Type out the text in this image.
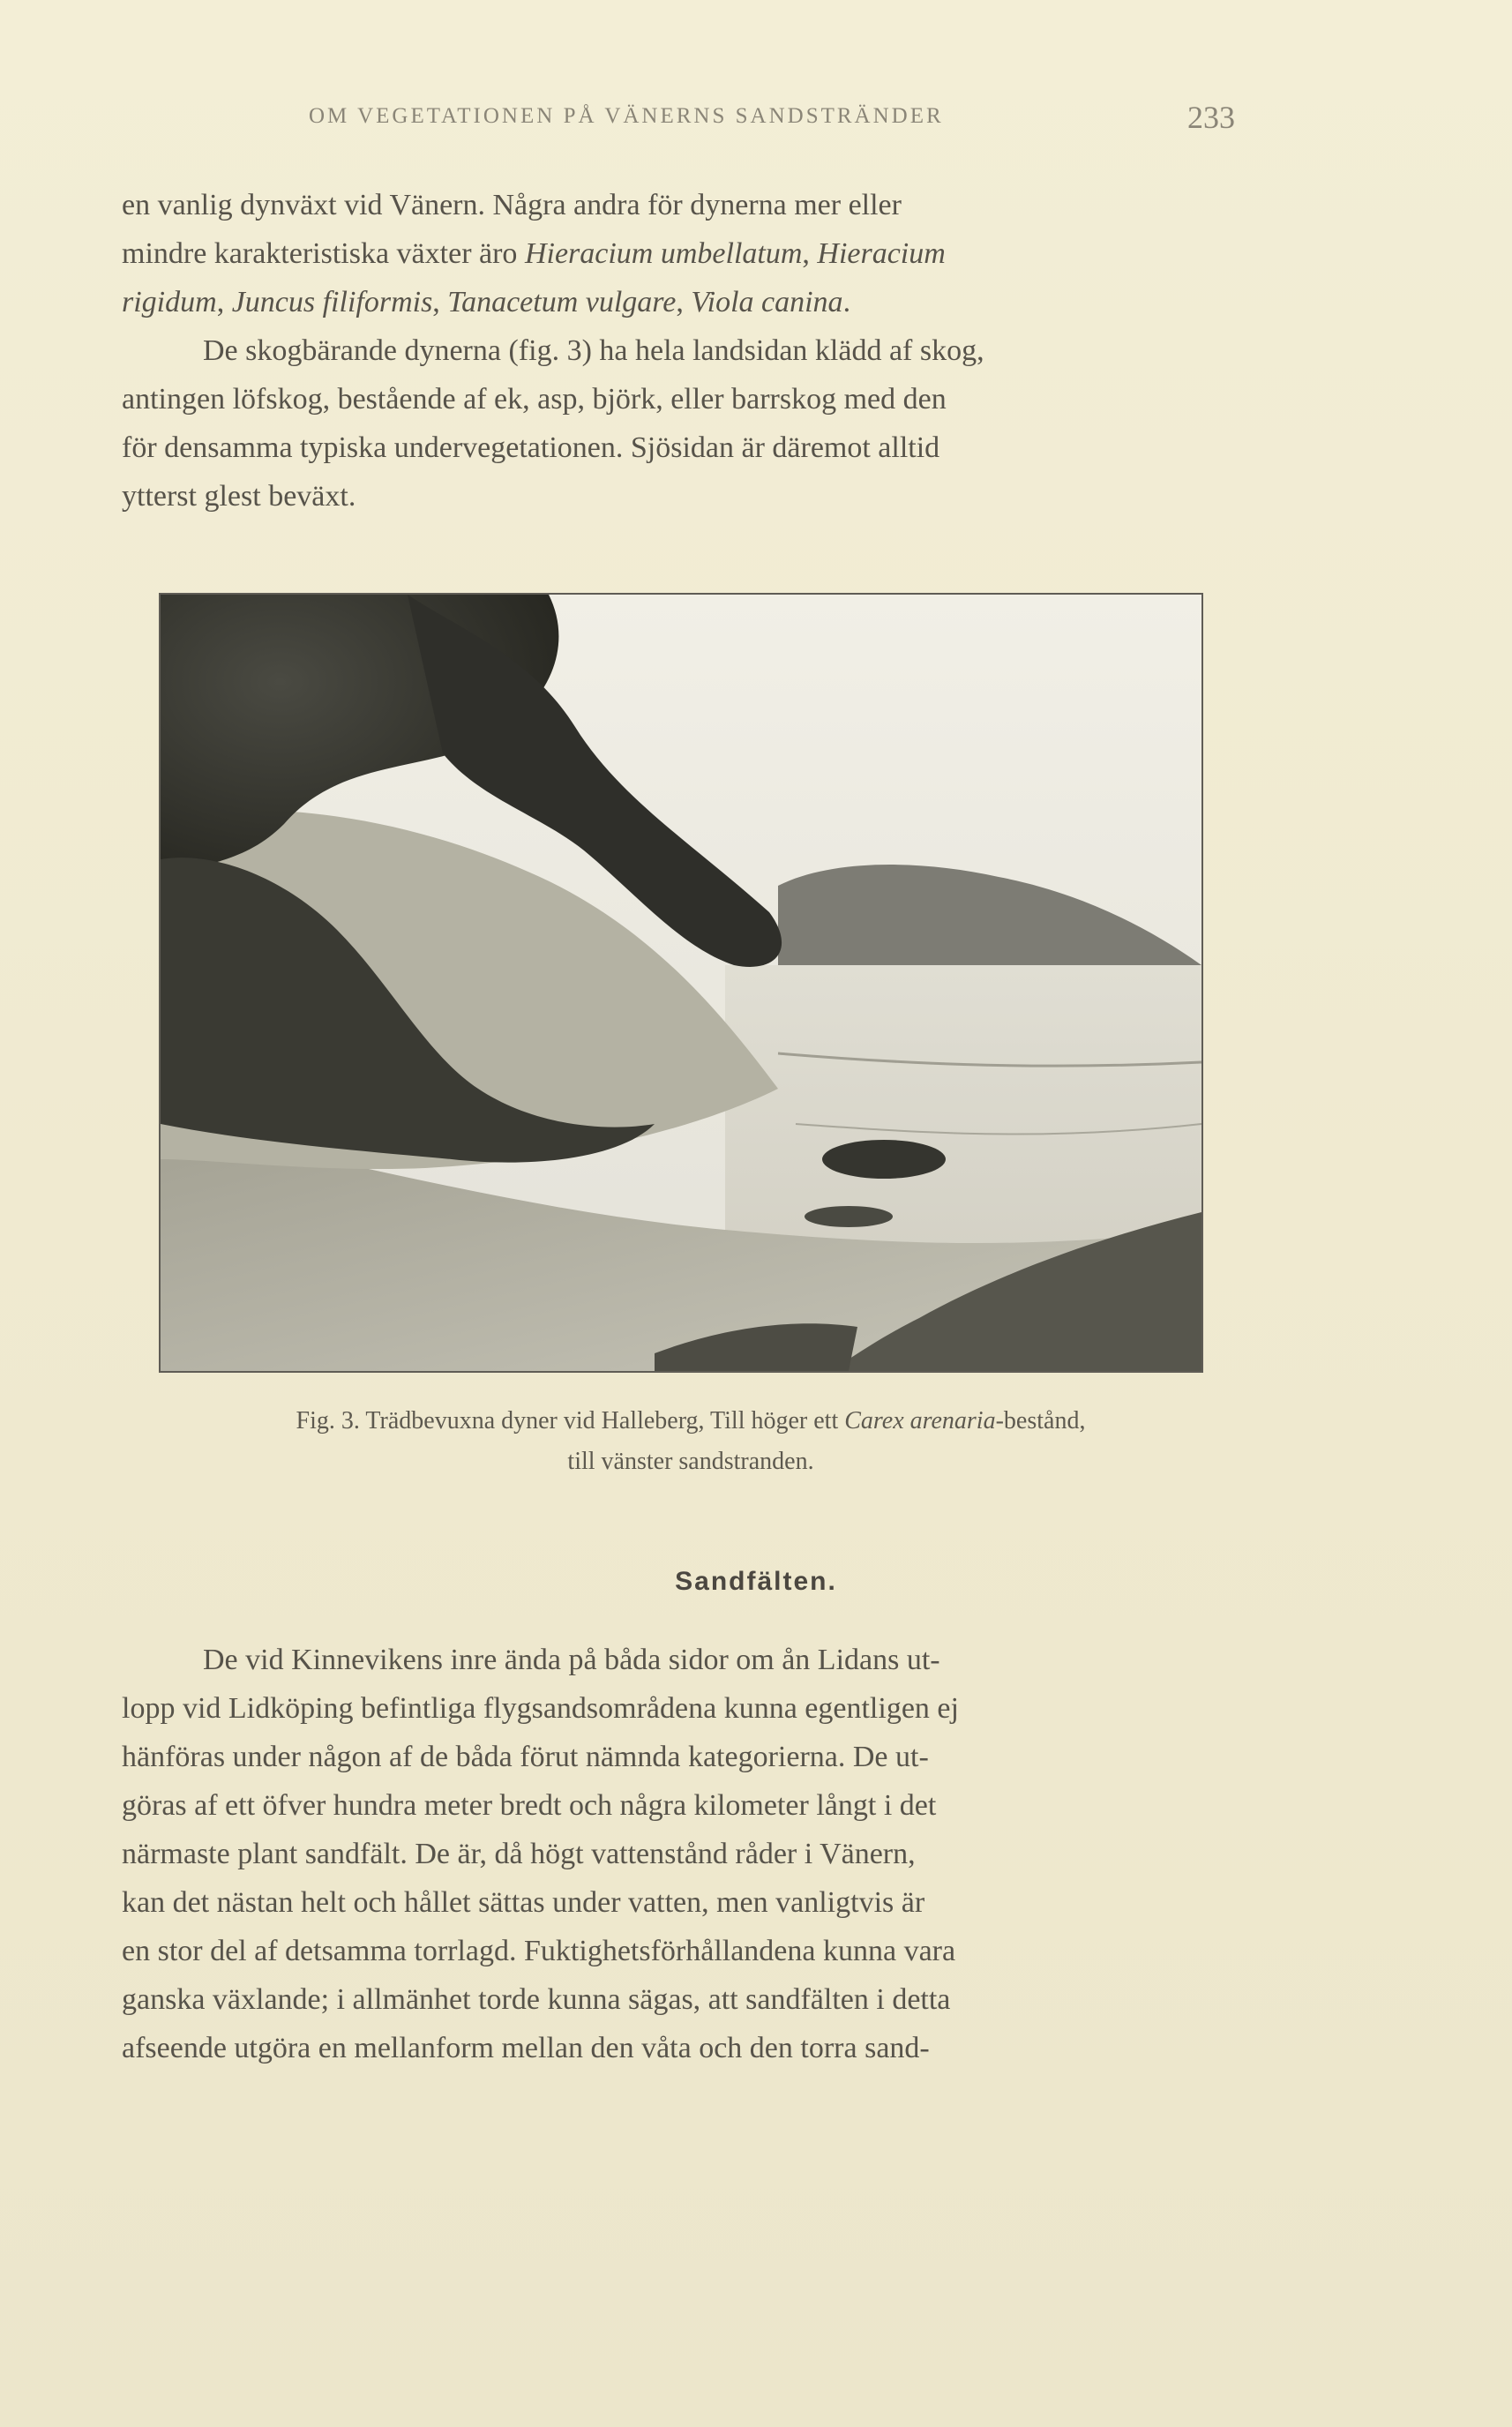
OM VEGETATIONEN PÅ VÄNERNS SANDSTRÄNDER	233
en vanlig dynväxt vid Vänern. Några andra för dynerna mer eller
mindre karakteristiska växter äro Hieracium umbellatum, Hieracium
rigidum, Juncus filiformis, Tanacetum vulgare, Viola canina.
De skogbärande dynerna (fig. 3) ha hela landsidan klädd af skog,
antingen löfskog, bestående af ek, asp, björk, eller barrskog med den
för densamma typiska undervegetationen. Sjösidan är däremot alltid
ytterst glest beväxt.
Fig. 3. Trädbevuxna dyner vid Halleberg, Till höger ett Carex arenaria-bestånd,
till vänster sandstranden.
Sandfälten.
De vid Kinnevikens inre ända på båda sidor om ån Lidans ut-
lopp vid Lidköping befintliga flygsandsområdena kunna egentligen ej
hänföras under någon af de båda förut nämnda kategorierna. De ut-
göras af ett öfver hundra meter bredt och några kilometer långt i det
närmaste plant sandfält. De är, då högt vattenstånd råder i Vänern,
kan det nästan helt och hållet sättas under vatten, men vanligtvis är
en stor del af detsamma torrlagd. Fuktighetsförhållandena kunna vara
ganska växlande; i allmänhet torde kunna sägas, att sandfälten i detta
afseende utgöra en mellanform mellan den våta och den torra sand-
